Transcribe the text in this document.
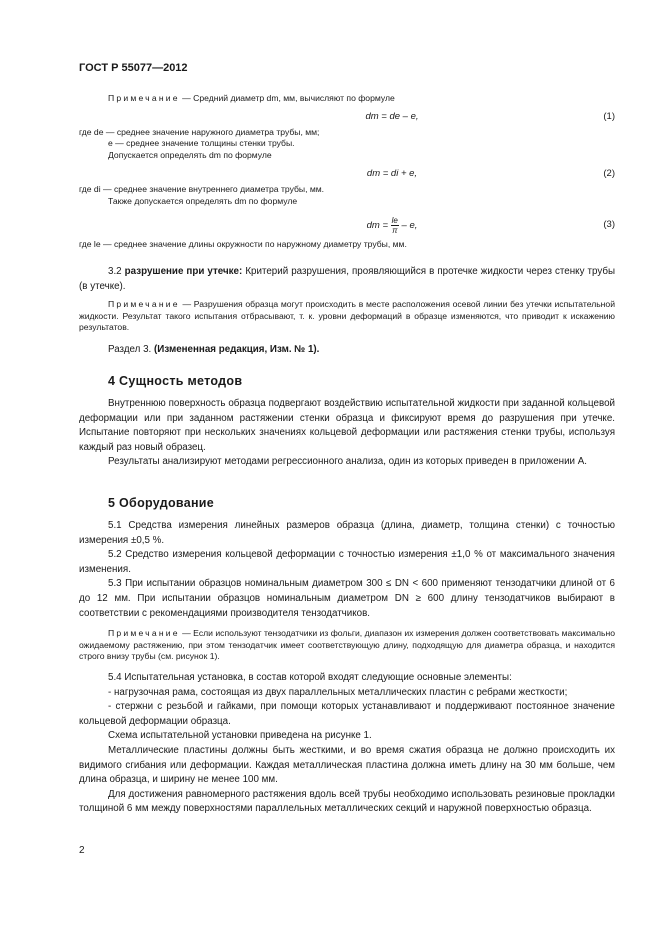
ГОСТ Р 55077—2012

Примечание — Средний диаметр dm, мм, вычисляют по формуле

dm = de – e,	(1)

где de — среднее значение наружного диаметра трубы, мм;

e — среднее значение толщины стенки трубы.

Допускается определять dm по формуле

dm = di + e,	(2)

где di — среднее значение внутреннего диаметра трубы, мм.

Также допускается определять dm по формуле

dm = $\frac{le}{\pi}$ – e,	(3)

где le — среднее значение длины окружности по наружному диаметру трубы, мм.

3.2 разрушение при утечке: Критерий разрушения, проявляющийся в протечке жидкости через стенку трубы (в утечке).

Примечание — Разрушения образца могут происходить в месте расположения осевой линии без утечки испытательной жидкости. Результат такого испытания отбрасывают, т. к. уровни деформаций в образце изменяются, что приводит к искажению результатов.

Раздел 3. (Измененная редакция, Изм. № 1).

4 Сущность методов

Внутреннюю поверхность образца подвергают воздействию испытательной жидкости при заданной кольцевой деформации или при заданном растяжении стенки образца и фиксируют время до разрушения при утечке. Испытание повторяют при нескольких значениях кольцевой деформации или растяжения стенки трубы, используя каждый раз новый образец.

Результаты анализируют методами регрессионного анализа, один из которых приведен в приложении А.

5 Оборудование

5.1 Средства измерения линейных размеров образца (длина, диаметр, толщина стенки) с точностью измерения ±0,5 %.

5.2 Средство измерения кольцевой деформации с точностью измерения ±1,0 % от максимального значения изменения.

5.3 При испытании образцов номинальным диаметром 300 ≤ DN < 600 применяют тензодатчики длиной от 6 до 12 мм. При испытании образцов номинальным диаметром DN ≥ 600 длину тензодатчиков выбирают в соответствии с рекомендациями производителя тензодатчиков.

Примечание — Если используют тензодатчики из фольги, диапазон их измерения должен соответствовать максимально ожидаемому растяжению, при этом тензодатчик имеет соответствующую длину, подходящую для диаметра образца, и находится строго внизу трубы (см. рисунок 1).

5.4 Испытательная установка, в состав которой входят следующие основные элементы:

- нагрузочная рама, состоящая из двух параллельных металлических пластин с ребрами жесткости;

- стержни с резьбой и гайками, при помощи которых устанавливают и поддерживают постоянное значение кольцевой деформации образца.

Схема испытательной установки приведена на рисунке 1.

Металлические пластины должны быть жесткими, и во время сжатия образца не должно происходить их видимого сгибания или деформации. Каждая металлическая пластина должна иметь длину на 30 мм больше, чем длина образца, и ширину не менее 100 мм.

Для достижения равномерного растяжения вдоль всей трубы необходимо использовать резиновые прокладки толщиной 6 мм между поверхностями параллельных металлических секций и наружной поверхностью образца.

2
